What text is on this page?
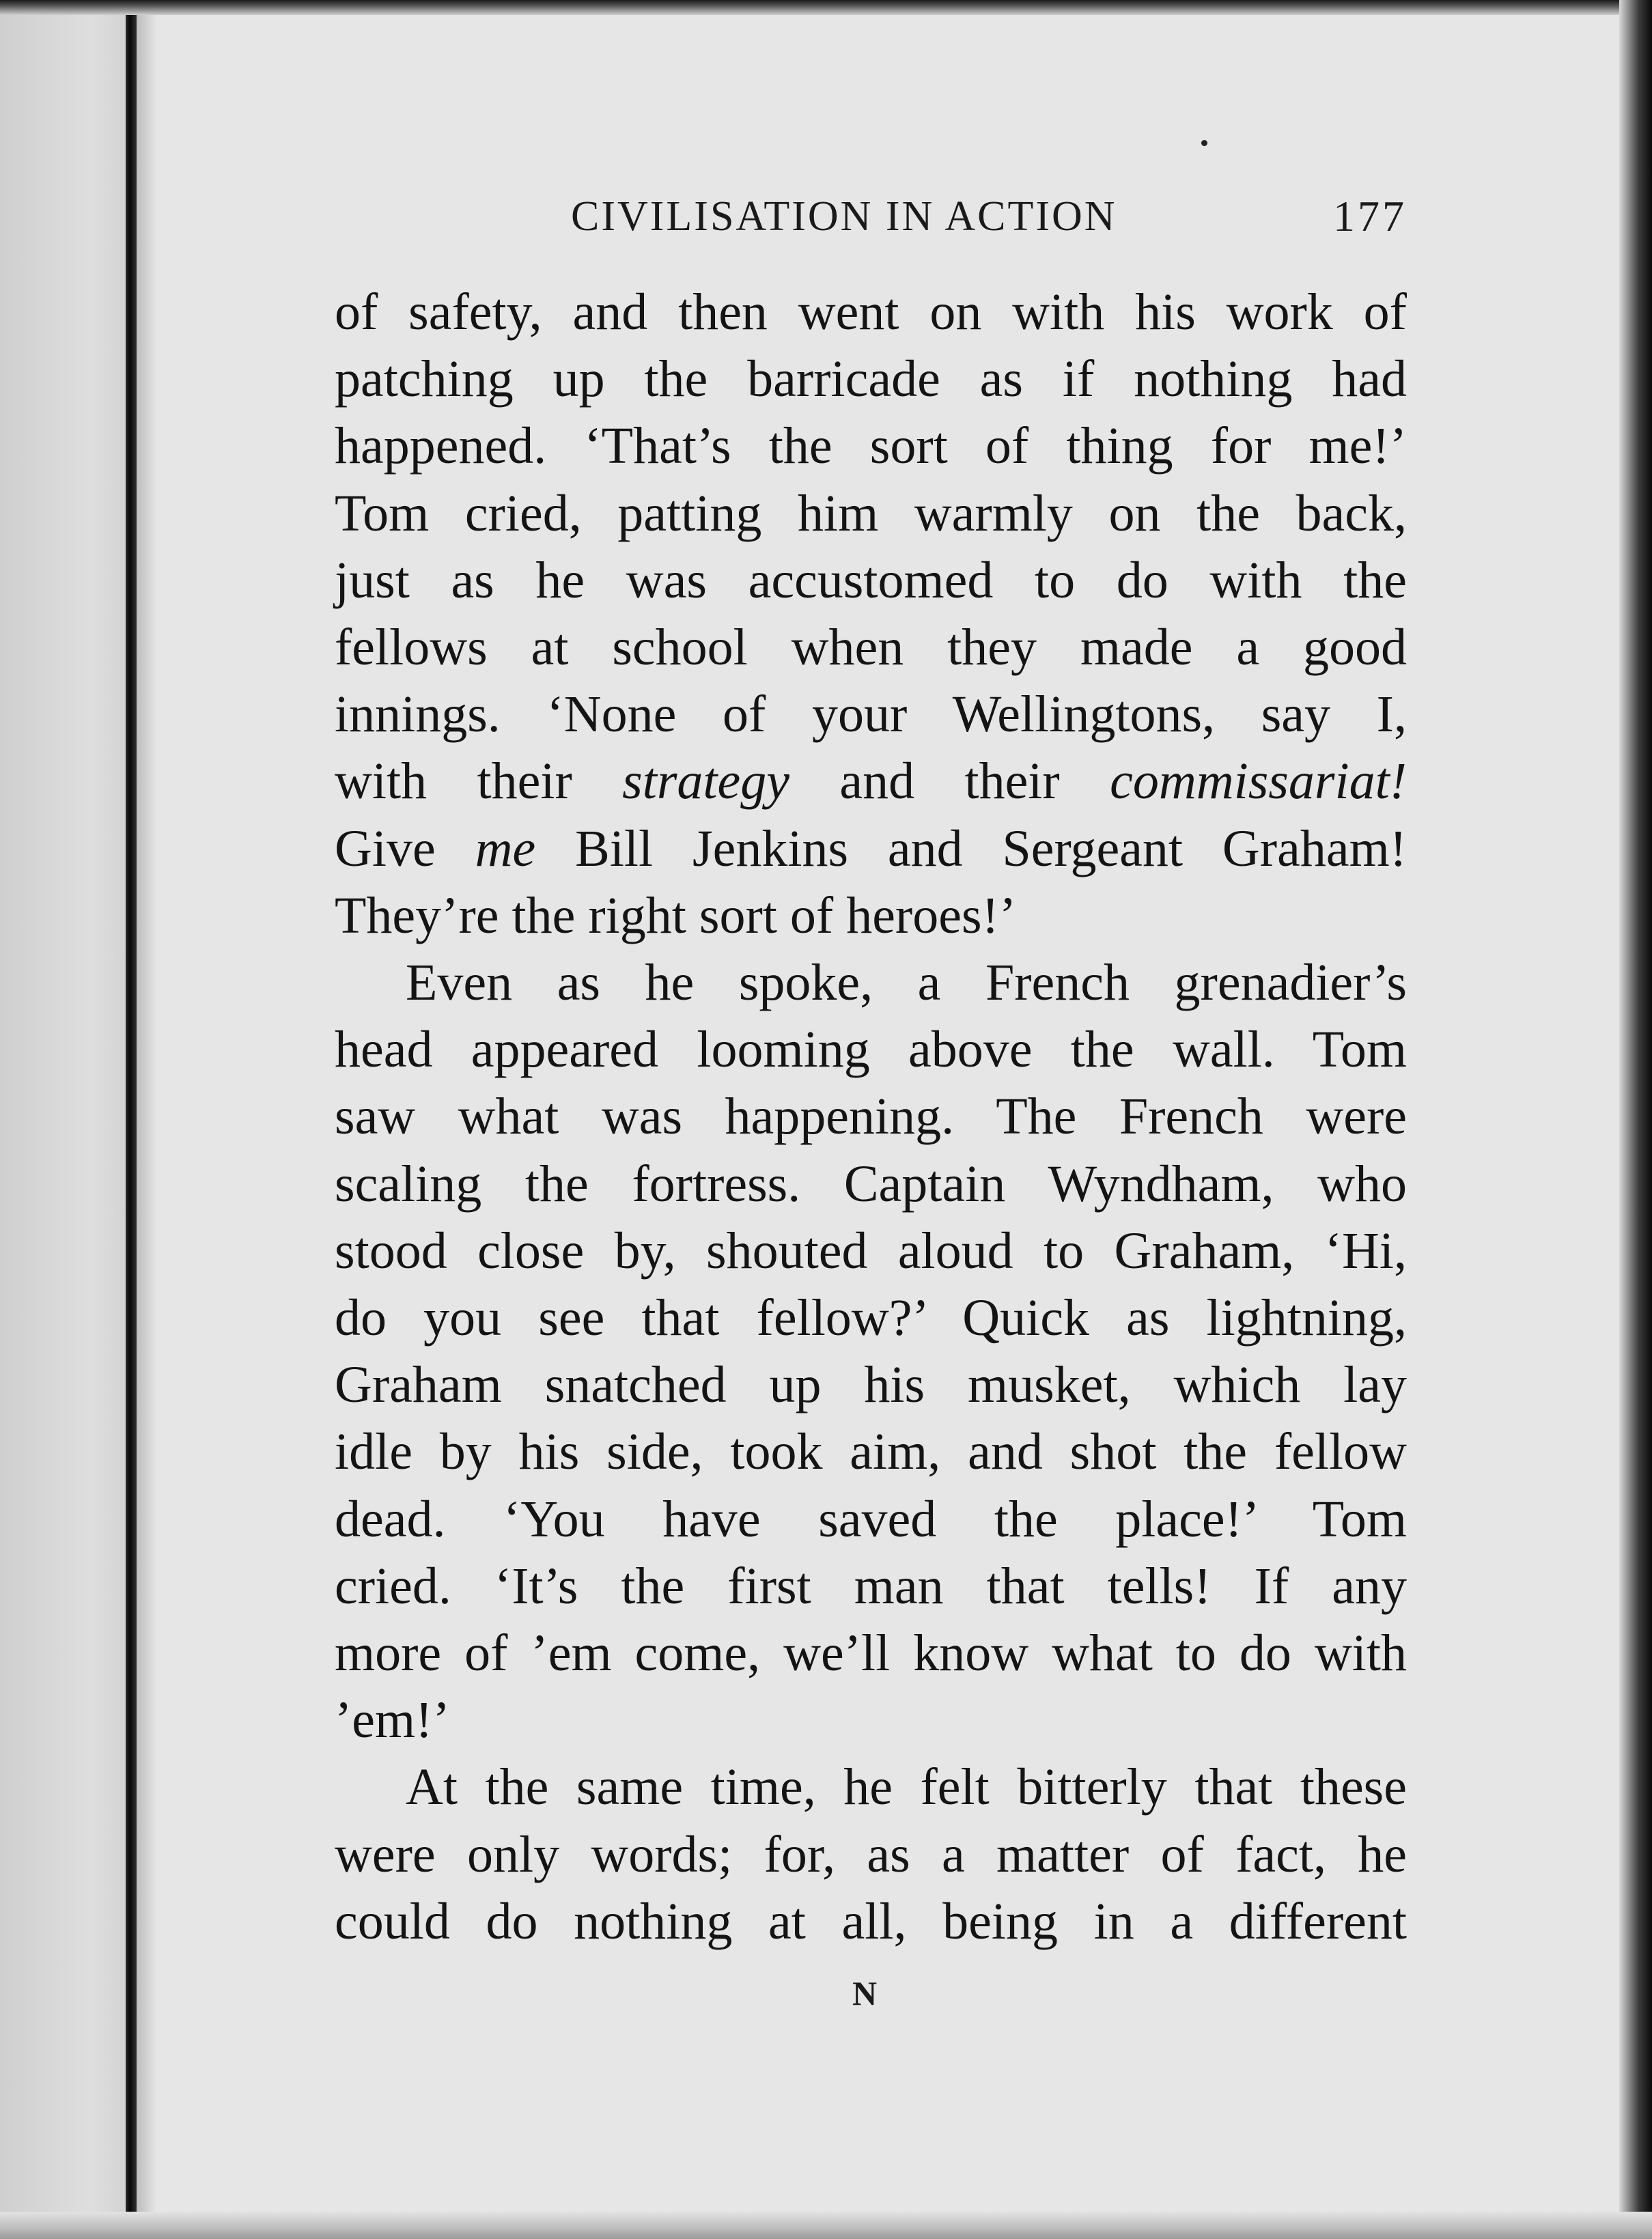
CIVILISATION IN ACTION	177

of safety, and then went on with his work of

patching up the barricade as if nothing had

happened. ‘That’s the sort of thing for me!’

Tom cried, patting him warmly on the back,

just as he was accustomed to do with the

fellows at school when they made a good

innings. ‘None of your Wellingtons, say I,

with their strategy and their commissariat!

Give me Bill Jenkins and Sergeant Graham!

They’re the right sort of heroes!’

Even as he spoke, a French grenadier’s

head appeared looming above the wall. Tom

saw what was happening. The French were

scaling the fortress. Captain Wyndham, who

stood close by, shouted aloud to Graham, ‘Hi,

do you see that fellow?’ Quick as lightning,

Graham snatched up his musket, which lay

idle by his side, took aim, and shot the fellow

dead. ‘You have saved the place!’ Tom

cried. ‘It’s the first man that tells! If any

more of ’em come, we’ll know what to do with

’em!’

At the same time, he felt bitterly that these

were only words; for, as a matter of fact, he

could do nothing at all, being in a different

N
